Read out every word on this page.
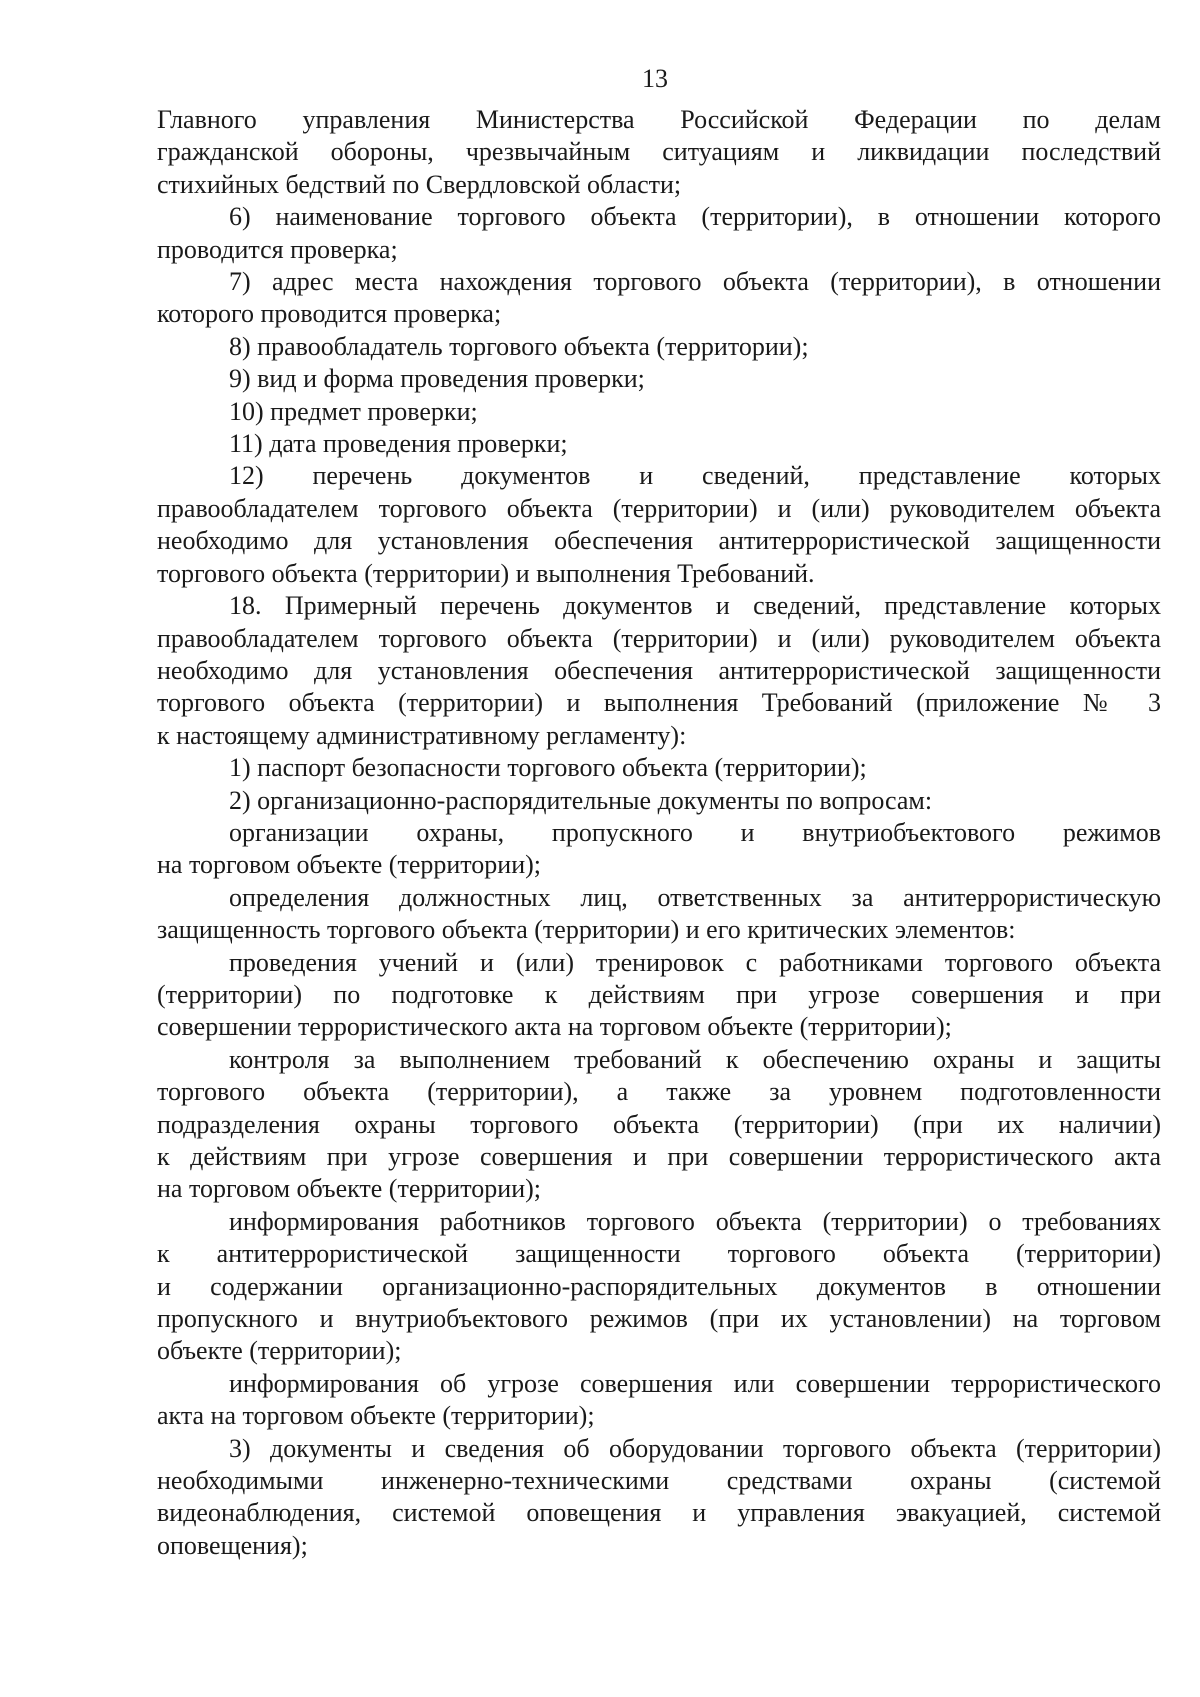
13
Главного управления Министерства Российской Федерации по делам
гражданской обороны, чрезвычайным ситуациям и ликвидации последствий
стихийных бедствий по Свердловской области;
6) наименование торгового объекта (территории), в отношении которого
проводится проверка;
7) адрес места нахождения торгового объекта (территории), в отношении
которого проводится проверка;
8) правообладатель торгового объекта (территории);
9) вид и форма проведения проверки;
10) предмет проверки;
11) дата проведения проверки;
12) перечень документов и сведений, представление которых
правообладателем торгового объекта (территории) и (или) руководителем объекта
необходимо для установления обеспечения антитеррористической защищенности
торгового объекта (территории) и выполнения Требований.
18. Примерный перечень документов и сведений, представление которых
правообладателем торгового объекта (территории) и (или) руководителем объекта
необходимо для установления обеспечения антитеррористической защищенности
торгового объекта (территории) и выполнения Требований (приложение № 3
к настоящему административному регламенту):
1) паспорт безопасности торгового объекта (территории);
2) организационно-распорядительные документы по вопросам:
организации охраны, пропускного и внутриобъектового режимов
на торговом объекте (территории);
определения должностных лиц, ответственных за антитеррористическую
защищенность торгового объекта (территории) и его критических элементов:
проведения учений и (или) тренировок с работниками торгового объекта
(территории) по подготовке к действиям при угрозе совершения и при
совершении террористического акта на торговом объекте (территории);
контроля за выполнением требований к обеспечению охраны и защиты
торгового объекта (территории), а также за уровнем подготовленности
подразделения охраны торгового объекта (территории) (при их наличии)
к действиям при угрозе совершения и при совершении террористического акта
на торговом объекте (территории);
информирования работников торгового объекта (территории) о требованиях
к антитеррористической защищенности торгового объекта (территории)
и содержании организационно-распорядительных документов в отношении
пропускного и внутриобъектового режимов (при их установлении) на торговом
объекте (территории);
информирования об угрозе совершения или совершении террористического
акта на торговом объекте (территории);
3) документы и сведения об оборудовании торгового объекта (территории)
необходимыми инженерно-техническими средствами охраны (системой
видеонаблюдения, системой оповещения и управления эвакуацией, системой
оповещения);
